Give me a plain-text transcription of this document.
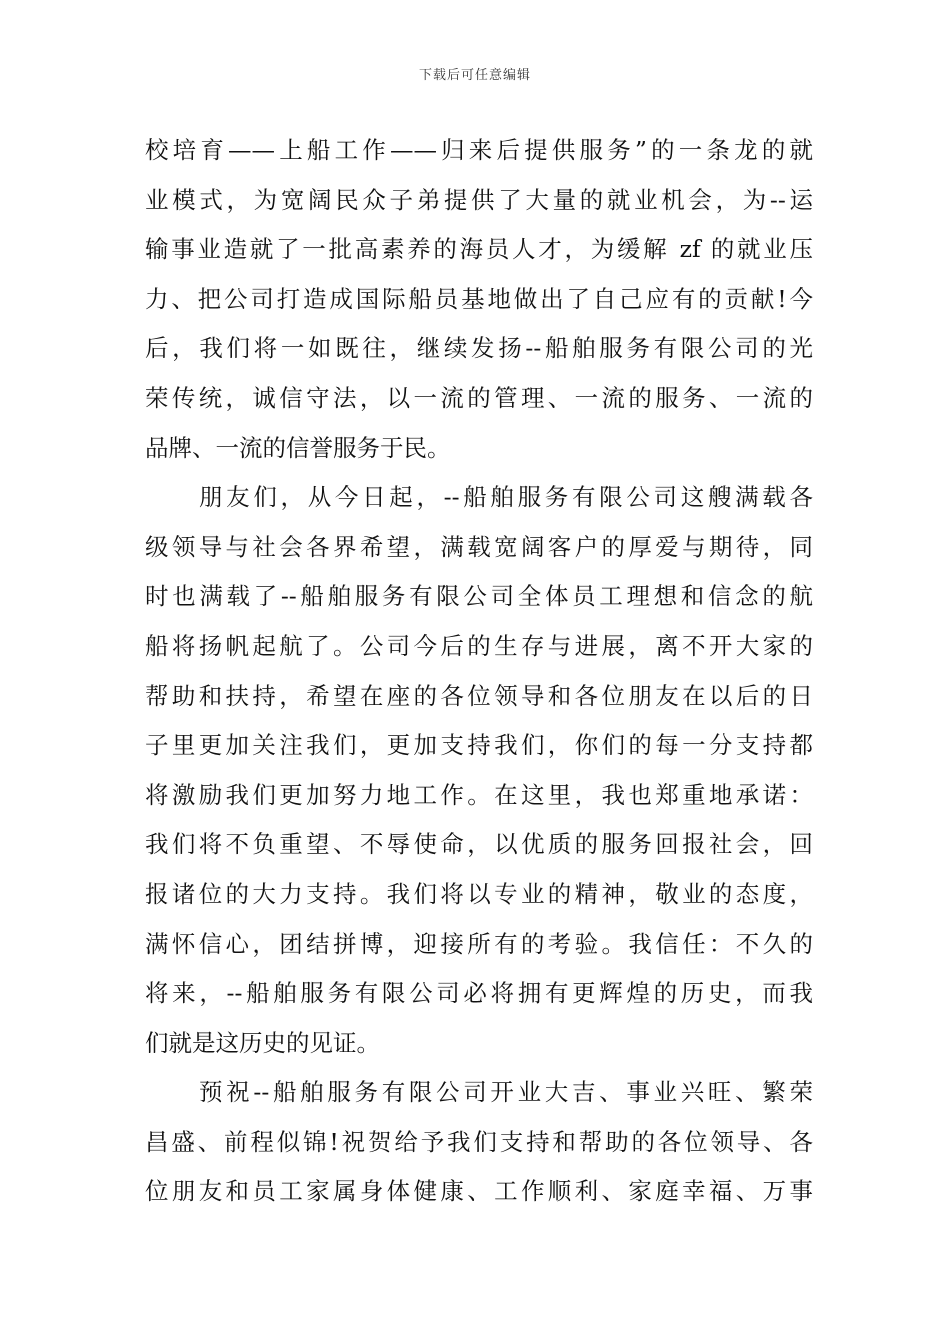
下载后可任意编辑
校培育——上船工作——归来后提供服务”的一条龙的就
业模式，为宽阔民众子弟提供了大量的就业机会，为--运
输事业造就了一批高素养的海员人才，为缓解 zf 的就业压
力、把公司打造成国际船员基地做出了自己应有的贡献!今
后，我们将一如既往，继续发扬--船舶服务有限公司的光
荣传统，诚信守法，以一流的管理、一流的服务、一流的
品牌、一流的信誉服务于民。
朋友们，从今日起，--船舶服务有限公司这艘满载各
级领导与社会各界希望，满载宽阔客户的厚爱与期待，同
时也满载了--船舶服务有限公司全体员工理想和信念的航
船将扬帆起航了。公司今后的生存与进展，离不开大家的
帮助和扶持，希望在座的各位领导和各位朋友在以后的日
子里更加关注我们，更加支持我们，你们的每一分支持都
将激励我们更加努力地工作。在这里，我也郑重地承诺：
我们将不负重望、不辱使命，以优质的服务回报社会，回
报诸位的大力支持。我们将以专业的精神，敬业的态度，
满怀信心，团结拼博，迎接所有的考验。我信任：不久的
将来，--船舶服务有限公司必将拥有更辉煌的历史，而我
们就是这历史的见证。
预祝--船舶服务有限公司开业大吉、事业兴旺、繁荣
昌盛、前程似锦!祝贺给予我们支持和帮助的各位领导、各
位朋友和员工家属身体健康、工作顺利、家庭幸福、万事
